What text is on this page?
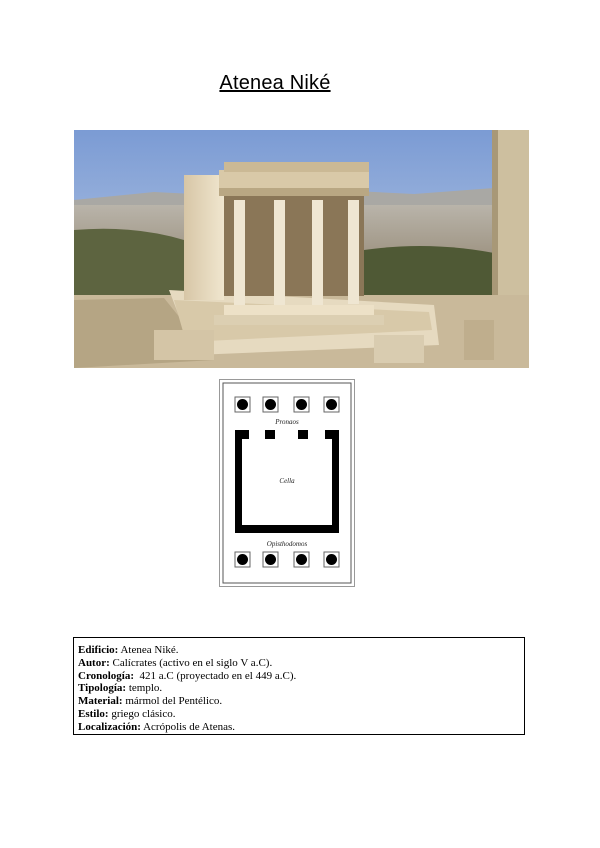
Atenea Niké
Pronaos
Cella
Opisthodomos
Edificio: Atenea Niké.
Autor: Calícrates (activo en el siglo V a.C).
Cronología:  421 a.C (proyectado en el 449 a.C).
Tipología: templo.
Material: mármol del Pentélico.
Estilo: griego clásico.
Localización: Acrópolis de Atenas.
